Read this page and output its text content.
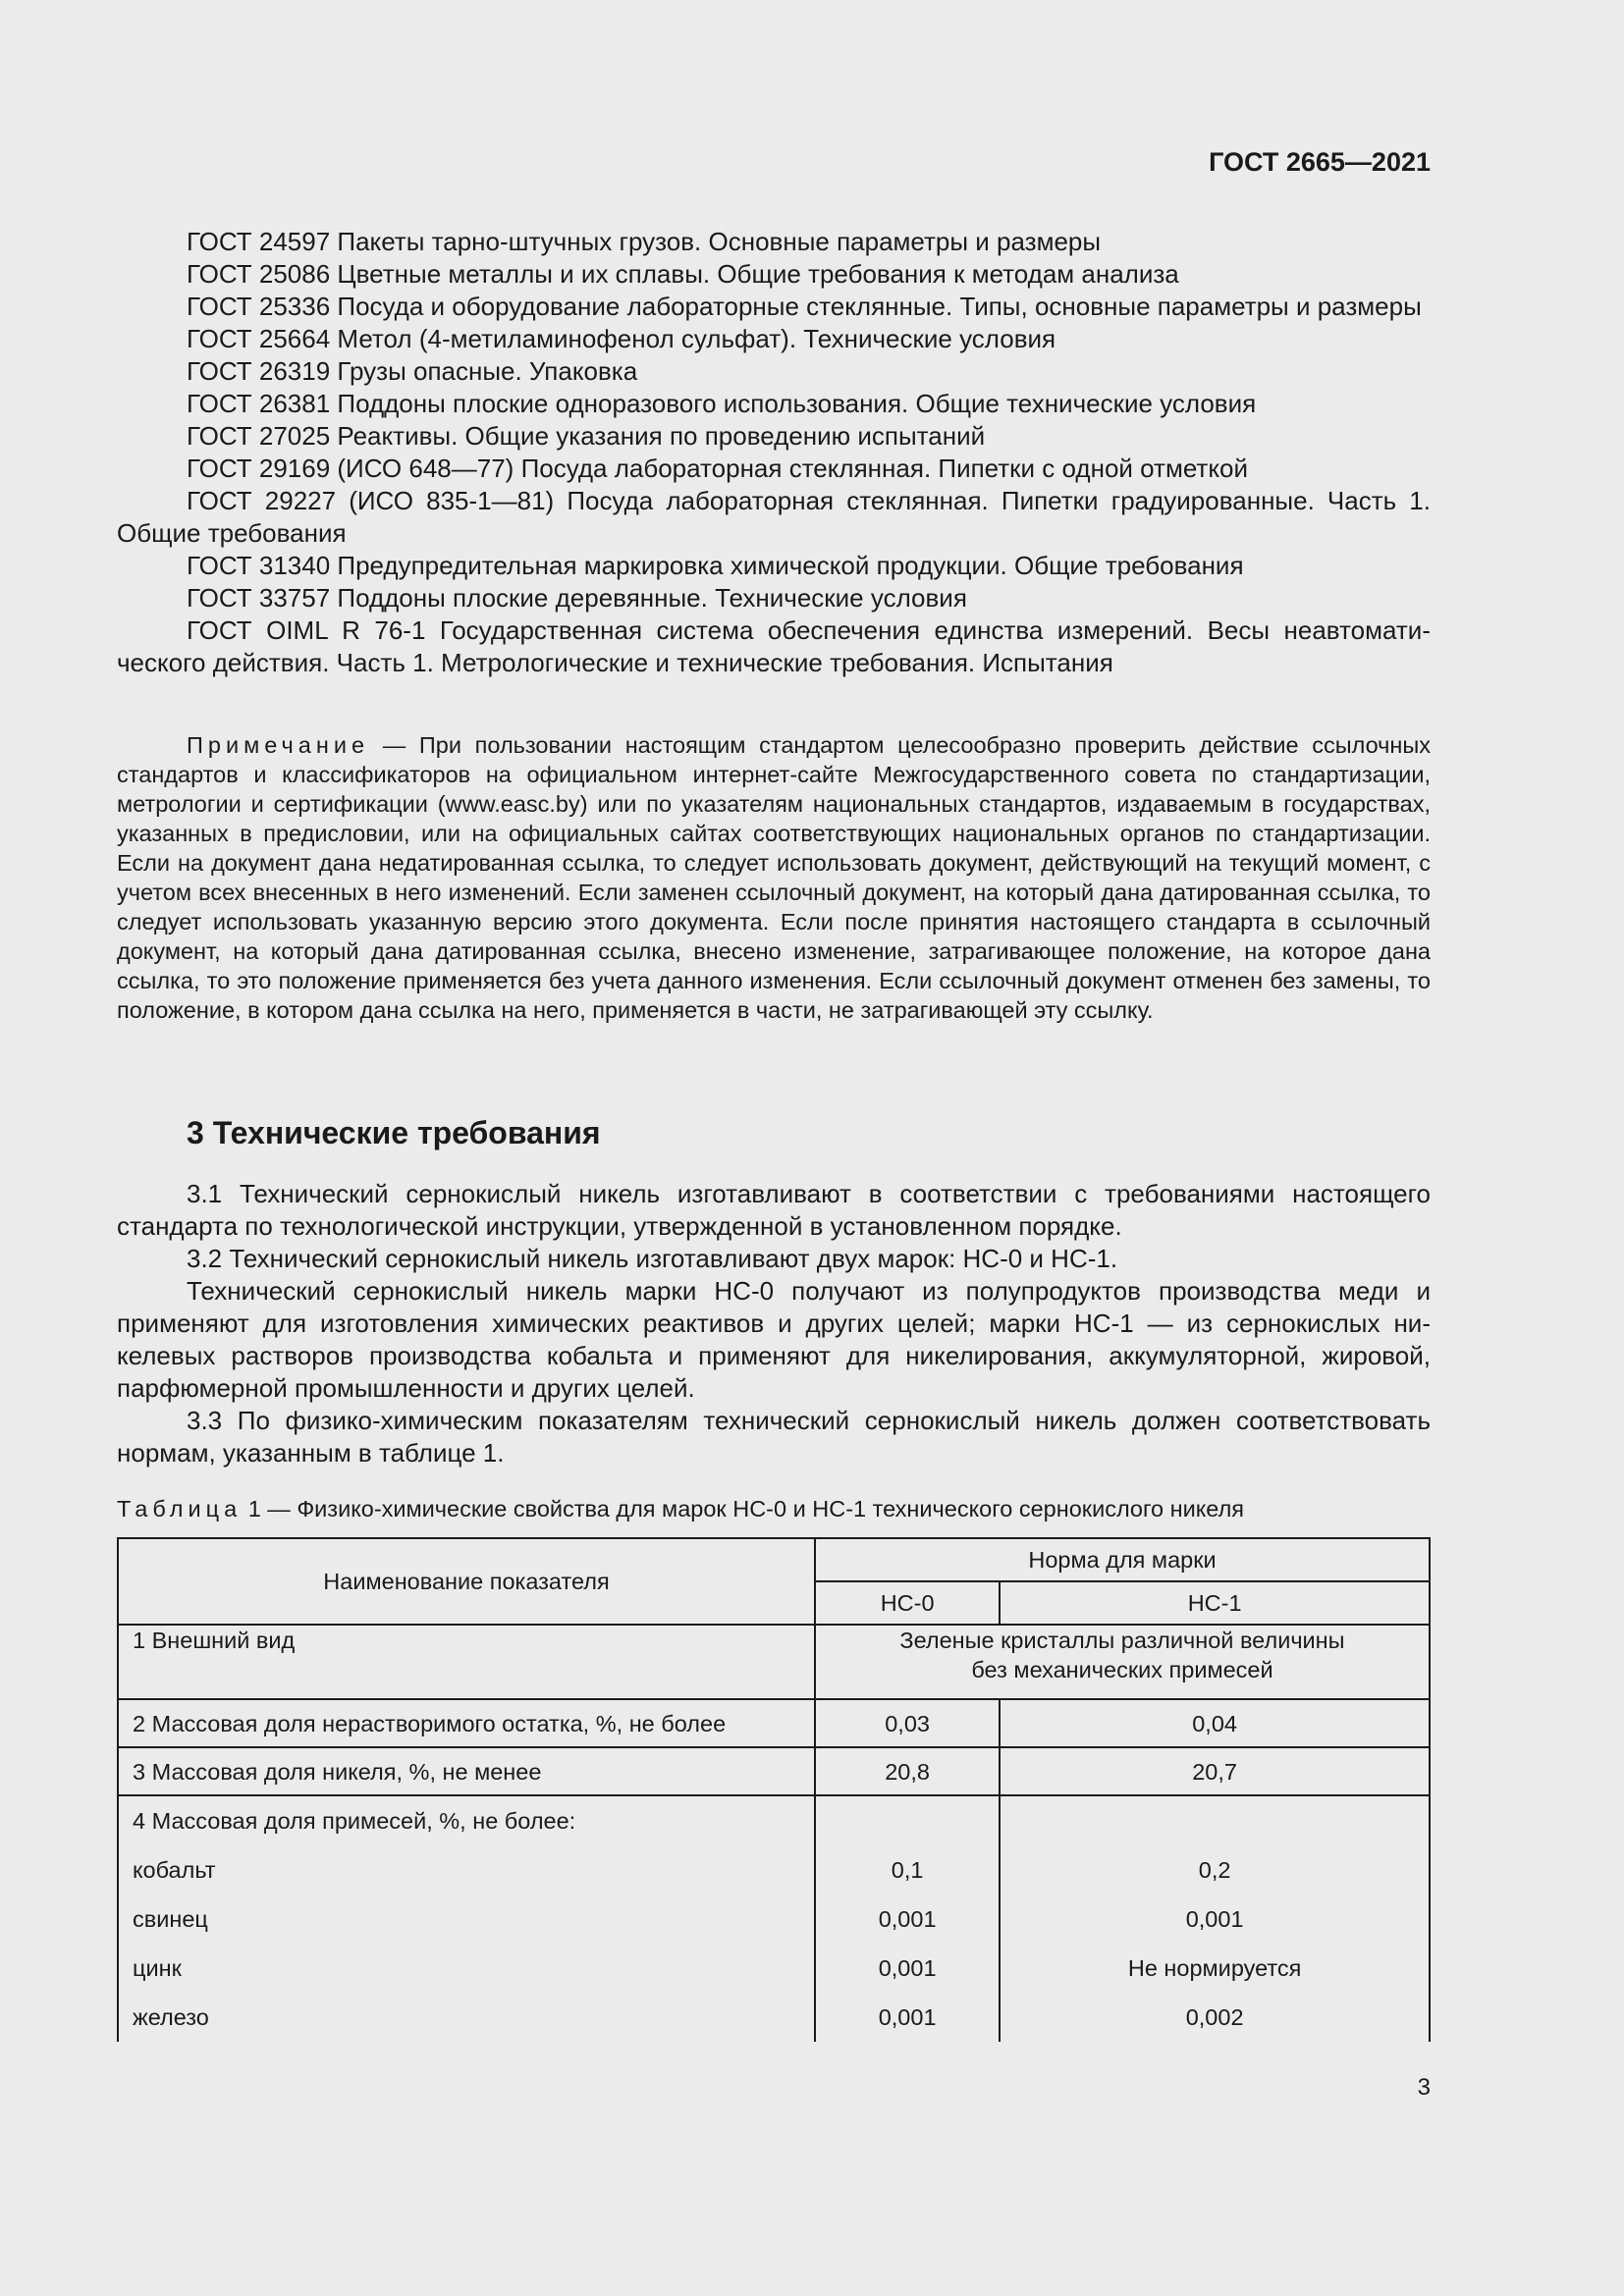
ГОСТ 2665—2021

ГОСТ 24597 Пакеты тарно-штучных грузов. Основные параметры и размеры

ГОСТ 25086 Цветные металлы и их сплавы. Общие требования к методам анализа

ГОСТ 25336 Посуда и оборудование лабораторные стеклянные. Типы, основные параметры и размеры

ГОСТ 25664 Метол (4-метиламинофенол сульфат). Технические условия

ГОСТ 26319 Грузы опасные. Упаковка

ГОСТ 26381 Поддоны плоские одноразового использования. Общие технические условия

ГОСТ 27025 Реактивы. Общие указания по проведению испытаний

ГОСТ 29169 (ИСО 648—77) Посуда лабораторная стеклянная. Пипетки с одной отметкой

ГОСТ 29227 (ИСО 835-1—81) Посуда лабораторная стеклянная. Пипетки градуированные. Часть 1. Общие требования

ГОСТ 31340 Предупредительная маркировка химической продукции. Общие требования

ГОСТ 33757 Поддоны плоские деревянные. Технические условия

ГОСТ OIML R 76-1 Государственная система обеспечения единства измерений. Весы неавтоматического действия. Часть 1. Метрологические и технические требования. Испытания

Примечание — При пользовании настоящим стандартом целесообразно проверить действие ссылочных стандартов и классификаторов на официальном интернет-сайте Межгосударственного совета по стандартизации, метрологии и сертификации (www.easc.by) или по указателям национальных стандартов, издаваемым в государствах, указанных в предисловии, или на официальных сайтах соответствующих национальных органов по стандартизации. Если на документ дана недатированная ссылка, то следует использовать документ, действующий на текущий момент, с учетом всех внесенных в него изменений. Если заменен ссылочный документ, на который дана датированная ссылка, то следует использовать указанную версию этого документа. Если после принятия настоящего стандарта в ссылочный документ, на который дана датированная ссылка, внесено изменение, затрагивающее положение, на которое дана ссылка, то это положение применяется без учета данного изменения. Если ссылочный документ отменен без замены, то положение, в котором дана ссылка на него, применяется в части, не затрагивающей эту ссылку.

3 Технические требования

3.1 Технический сернокислый никель изготавливают в соответствии с требованиями настоящего стандарта по технологической инструкции, утвержденной в установленном порядке.

3.2 Технический сернокислый никель изготавливают двух марок: НС-0 и НС-1.

Технический сернокислый никель марки НС-0 получают из полупродуктов производства меди и применяют для изготовления химических реактивов и других целей; марки НС-1 — из сернокислых никелевых растворов производства кобальта и применяют для никелирования, аккумуляторной, жировой, парфюмерной промышленности и других целей.

3.3 По физико-химическим показателям технический сернокислый никель должен соответствовать нормам, указанным в таблице 1.

Таблица 1 — Физико-химические свойства для марок НС-0 и НС-1 технического сернокислого никеля

Наименование показателя	Норма для марки	
	НС-0	НС-1
1 Внешний вид	Зеленые кристаллы различной величины
без механических примесей	

2 Массовая доля нерастворимого остатка, %, не более	0,03	0,04
3 Массовая доля никеля, %, не менее	20,8	20,7
4 Массовая доля примесей, %, не более:		
кобальт	0,1	0,2
свинец	0,001	0,001
цинк	0,001	Не нормируется
железо	0,001	0,002
3
